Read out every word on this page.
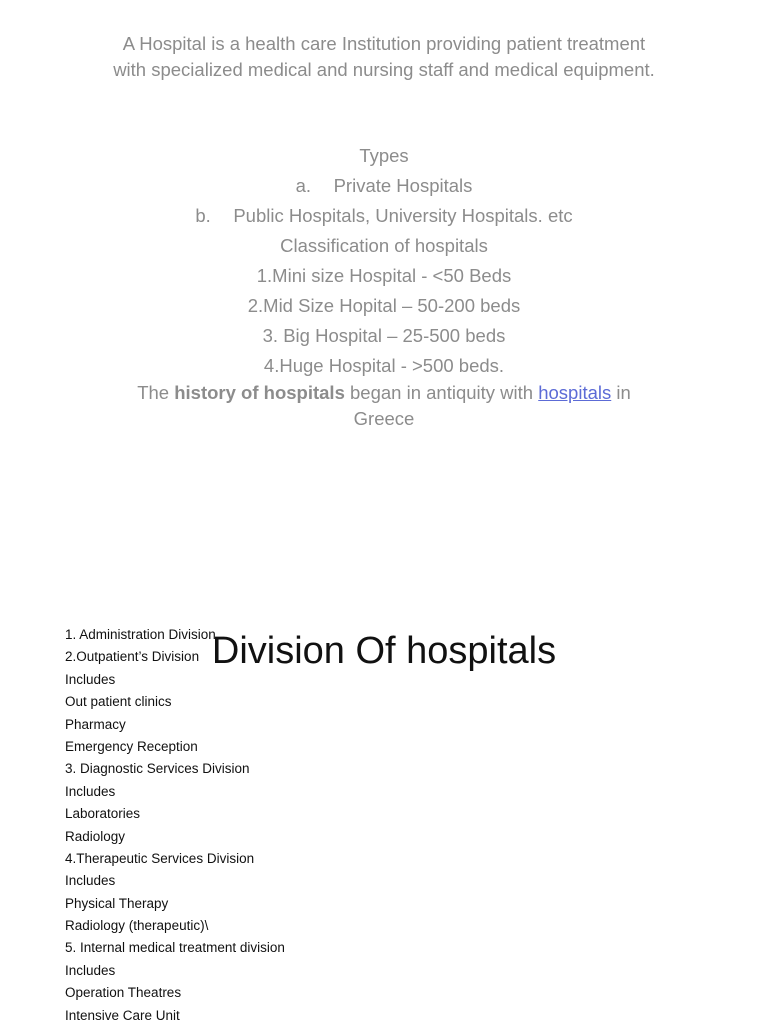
A Hospital is a health care Institution providing patient treatment with specialized medical and nursing staff and medical equipment.
Types
a. Private Hospitals
b. Public Hospitals, University Hospitals. etc
Classification of hospitals
1.Mini size Hospital - <50 Beds
2.Mid Size Hopital – 50-200 beds
3. Big Hospital – 25-500 beds
4.Huge Hospital - >500 beds.
The history of hospitals began in antiquity with hospitals in Greece
Division Of hospitals
1. Administration Division.
2.Outpatient’s Division
Includes
Out patient clinics
Pharmacy
Emergency Reception
3. Diagnostic Services Division
Includes
Laboratories
Radiology
4.Therapeutic Services Division
Includes
Physical Therapy
Radiology (therapeutic)\
5. Internal medical treatment division
Includes
Operation Theatres
Intensive Care Unit
